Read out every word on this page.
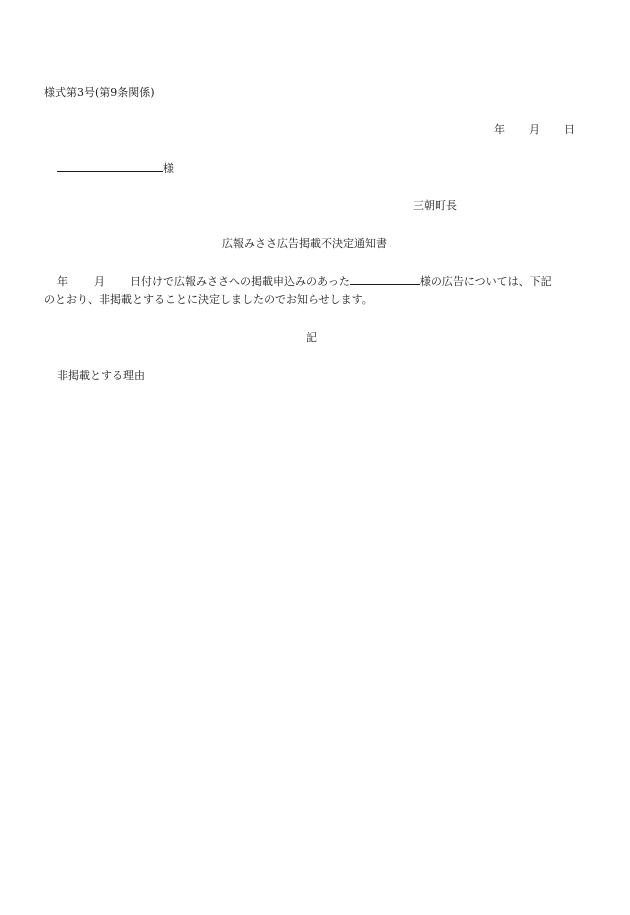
様式第3号(第9条関係)
年 月 日
様
三朝町長
広報みささ広告掲載不決定通知書
年 月 日付けで広報みささへの掲載申込みのあった	様の広告については、下記
のとおり、非掲載とすることに決定しましたのでお知らせします。
記
非掲載とする理由
